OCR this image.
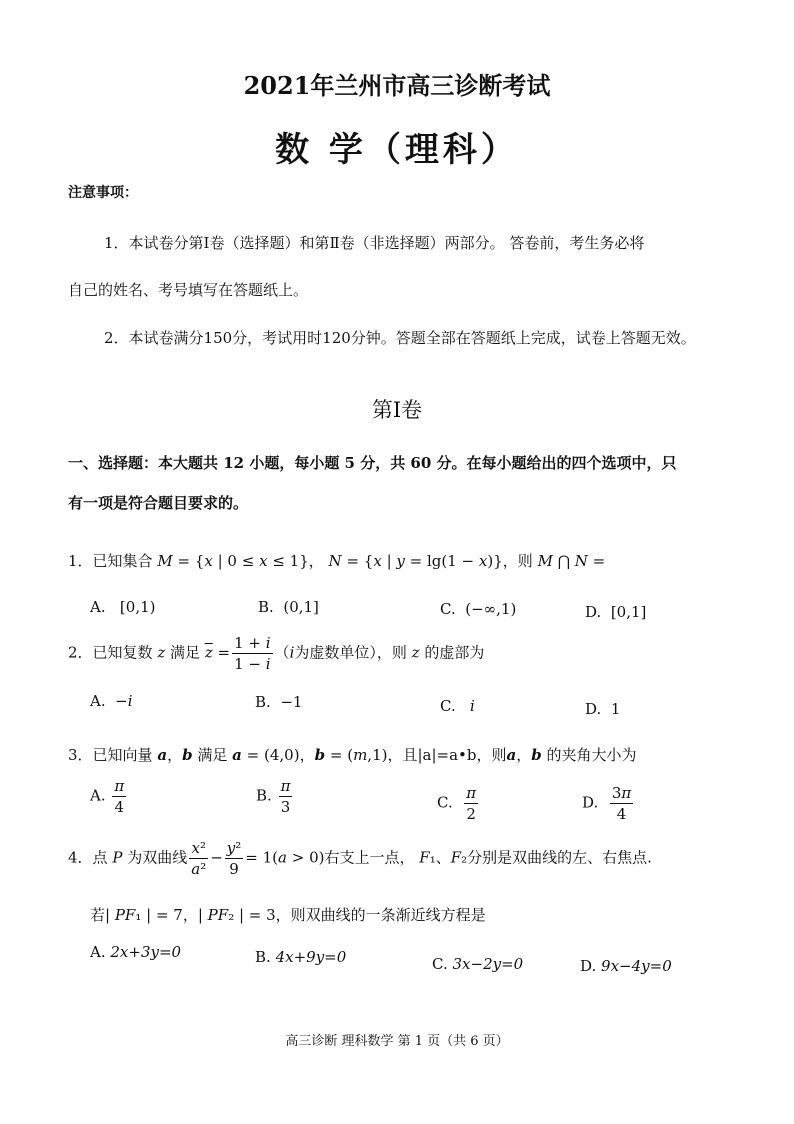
2021年兰州市高三诊断考试
数 学（理科）
注意事项：
1．本试卷分第Ⅰ卷（选择题）和第Ⅱ卷（非选择题）两部分。 答卷前，考生务必将
自己的姓名、考号填写在答题纸上。
2．本试卷满分150分，考试用时120分钟。答题全部在答题纸上完成，试卷上答题无效。
第Ⅰ卷
一、选择题：本大题共 12 小题，每小题 5 分，共 60 分。在每小题给出的四个选项中，只
有一项是符合题目要求的。
1．已知集合 M = {x | 0 ≤ x ≤ 1}， N = {x | y = lg(1 − x)}，则 M ⋂ N =
A. [0,1)	B. (0,1]	C. (−∞,1)	D. [0,1]
2．已知复数 z 满足 $\overline{z} = \frac{1 + i}{1 - i} (i$为虚数单位），则 z 的虚部为
A. −i	B. −1	C. i	D. 1
3．已知向量 a，b 满足 a = (4,0)，b = (m,1)，且|a|=a•b，则a，b 的夹角大小为
A. $\frac{\pi}{4}$	B. $\frac{\pi}{3}$	C. $\frac{\pi}{2}$	D. $\frac{3\pi}{4}$
4．点 P 为双曲线 $\frac{\text{x²}}{\text{a²}} - \frac{\text{y²}}{9} = 1(a > 0)$右支上一点， F₁、F₂分别是双曲线的左、右焦点.
若| PF₁ | = 7，| PF₂ | = 3，则双曲线的一条渐近线方程是
A. 2x+3y=0	B. 4x+9y=0	C. 3x−2y=0	D. 9x−4y=0
高三诊断 理科数学 第 1 页（共 6 页）
